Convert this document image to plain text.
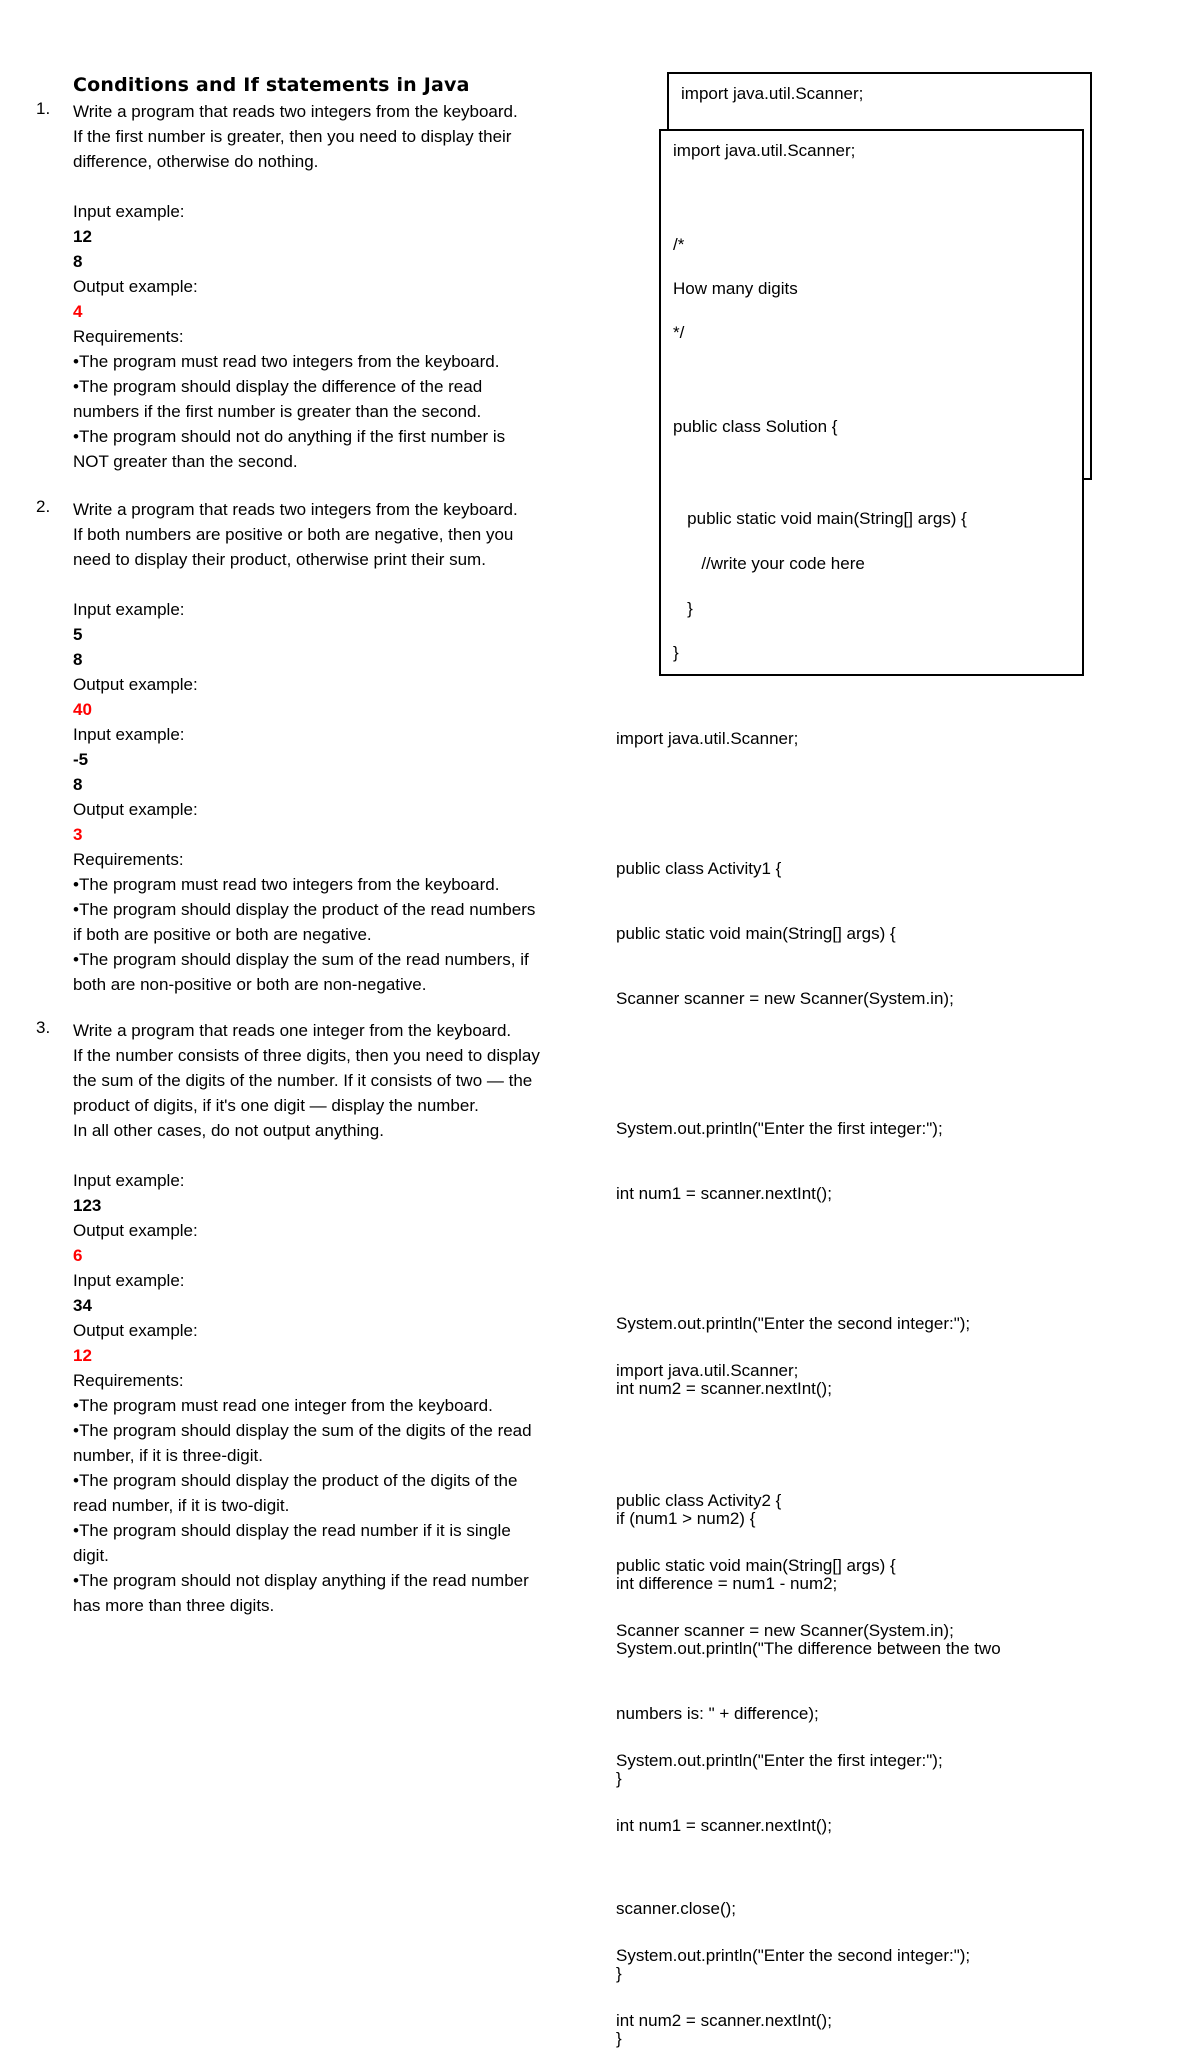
Conditions and If statements in Java
1. Write a program that reads two integers from the keyboard.
If the first number is greater, then you need to display their
difference, otherwise do nothing.
Input example:
12
8
Output example:
4
Requirements:
•The program must read two integers from the keyboard.
•The program should display the difference of the read
numbers if the first number is greater than the second.
•The program should not do anything if the first number is
NOT greater than the second.
2. Write a program that reads two integers from the keyboard.
If both numbers are positive or both are negative, then you
need to display their product, otherwise print their sum.
Input example:
5
8
Output example:
40
Input example:
-5
8
Output example:
3
Requirements:
•The program must read two integers from the keyboard.
•The program should display the product of the read numbers
if both are positive or both are negative.
•The program should display the sum of the read numbers, if
both are non-positive or both are non-negative.
3. Write a program that reads one integer from the keyboard.
If the number consists of three digits, then you need to display
the sum of the digits of the number. If it consists of two — the
product of digits, if it's one digit — display the number.
In all other cases, do not output anything.
Input example:
123
Output example:
6
Input example:
34
Output example:
12
Requirements:
•The program must read one integer from the keyboard.
•The program should display the sum of the digits of the read
number, if it is three-digit.
•The program should display the product of the digits of the
read number, if it is two-digit.
•The program should display the read number if it is single
digit.
•The program should not display anything if the read number
has more than three digits.
import java.util.Scanner;
import java.util.Scanner;
/*
How many digits
*/
public class Solution {
public static void main(String[] args) {
//write your code here
}
}

import java.util.Scanner;

public class Activity1 {

public static void main(String[] args) {

Scanner scanner = new Scanner(System.in);

System.out.println("Enter the first integer:");

int num1 = scanner.nextInt();

System.out.println("Enter the second integer:");

int num2 = scanner.nextInt();

if (num1 > num2) {

int difference = num1 - num2;

System.out.println("The difference between the two

numbers is: " + difference);

}

scanner.close();

}

}

import java.util.Scanner;

public class Activity2 {

public static void main(String[] args) {

Scanner scanner = new Scanner(System.in);

System.out.println("Enter the first integer:");

int num1 = scanner.nextInt();

System.out.println("Enter the second integer:");

int num2 = scanner.nextInt();
